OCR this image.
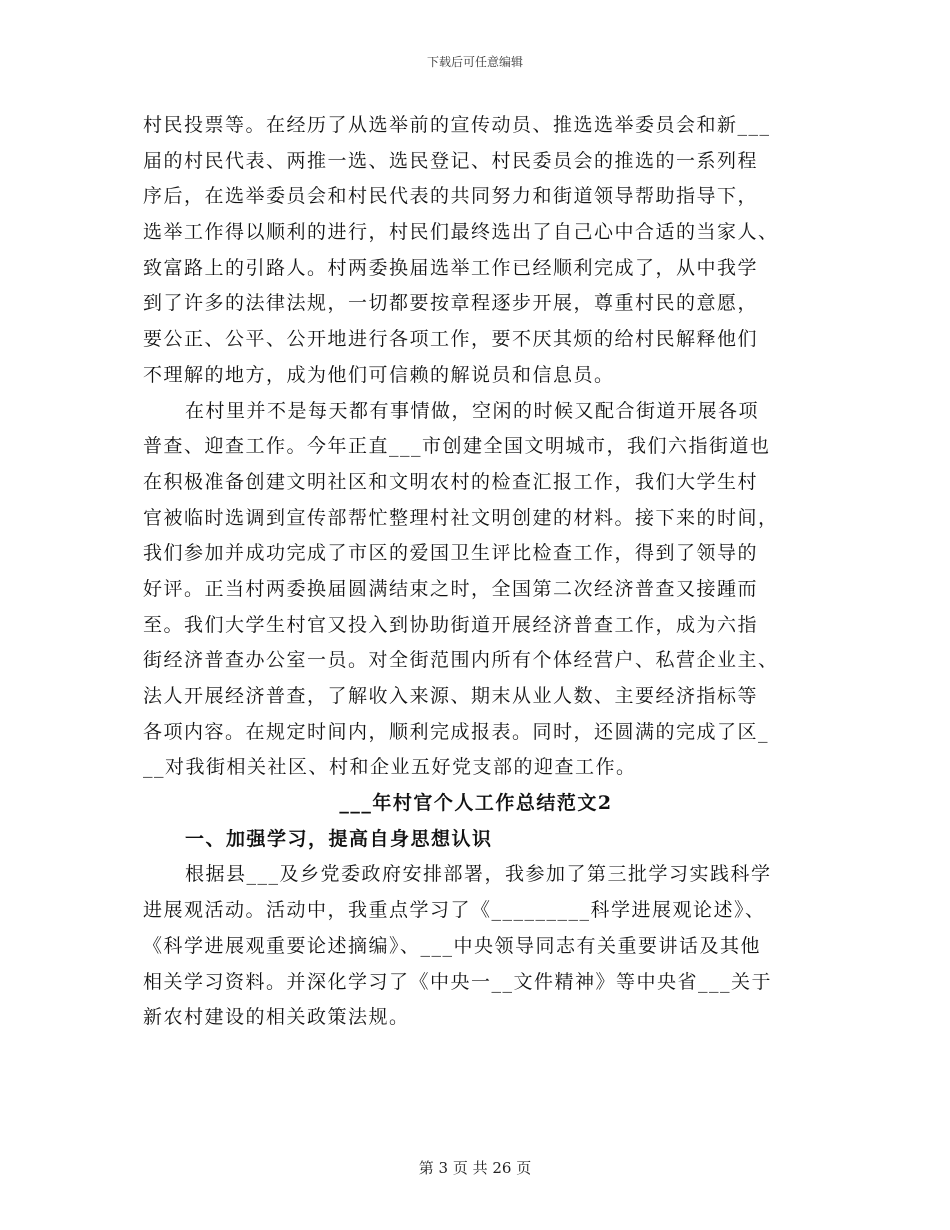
下载后可任意编辑
村民投票等。在经历了从选举前的宣传动员、推选选举委员会和新___
届的村民代表、两推一选、选民登记、村民委员会的推选的一系列程
序后，在选举委员会和村民代表的共同努力和街道领导帮助指导下，
选举工作得以顺利的进行，村民们最终选出了自己心中合适的当家人、
致富路上的引路人。村两委换届选举工作已经顺利完成了，从中我学
到了许多的法律法规，一切都要按章程逐步开展，尊重村民的意愿，
要公正、公平、公开地进行各项工作，要不厌其烦的给村民解释他们
不理解的地方，成为他们可信赖的解说员和信息员。
在村里并不是每天都有事情做，空闲的时候又配合街道开展各项
普查、迎查工作。今年正直___市创建全国文明城市，我们六指街道也
在积极准备创建文明社区和文明农村的检查汇报工作，我们大学生村
官被临时选调到宣传部帮忙整理村社文明创建的材料。接下来的时间，
我们参加并成功完成了市区的爱国卫生评比检查工作，得到了领导的
好评。正当村两委换届圆满结束之时，全国第二次经济普查又接踵而
至。我们大学生村官又投入到协助街道开展经济普查工作，成为六指
街经济普查办公室一员。对全街范围内所有个体经营户、私营企业主、
法人开展经济普查，了解收入来源、期末从业人数、主要经济指标等
各项内容。在规定时间内，顺利完成报表。同时，还圆满的完成了区_
__对我街相关社区、村和企业五好党支部的迎查工作。
___年村官个人工作总结范文2
一、加强学习，提高自身思想认识
根据县___及乡党委政府安排部署，我参加了第三批学习实践科学
进展观活动。活动中，我重点学习了《_________科学进展观论述》、
《科学进展观重要论述摘编》、___中央领导同志有关重要讲话及其他
相关学习资料。并深化学习了《中央一__文件精神》等中央省___关于
新农村建设的相关政策法规。
第 3 页 共 26 页
